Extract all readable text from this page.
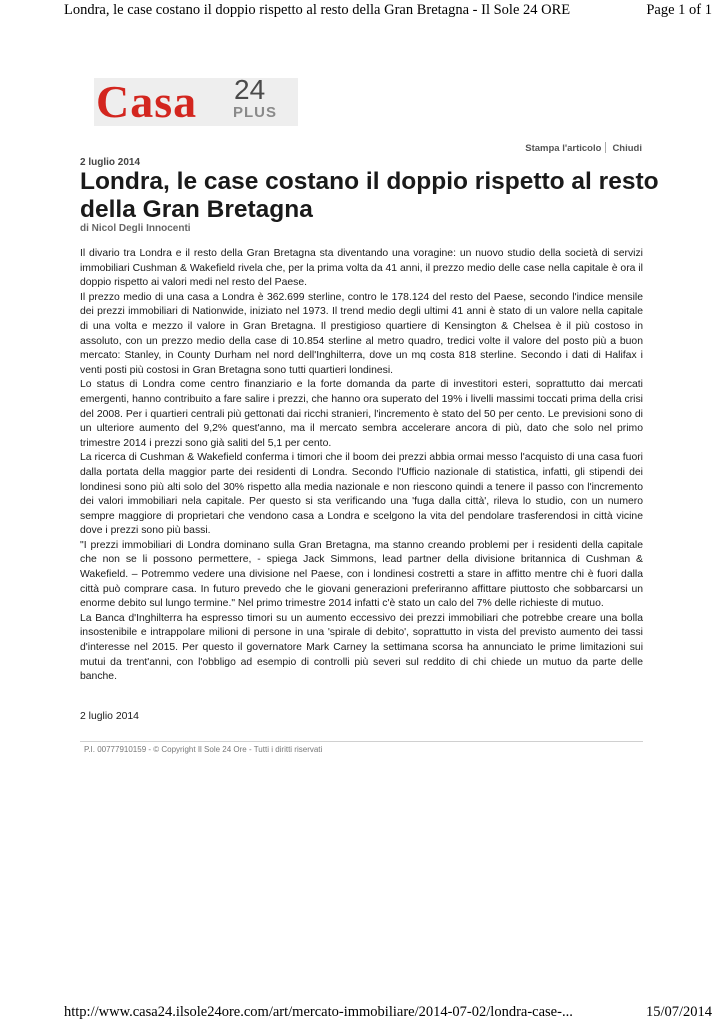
Londra, le case costano il doppio rispetto al resto della Gran Bretagna - Il Sole 24 ORE	Page 1 of 1
Casa 24
PLUS
Stampa l'articolo Chiudi
2 luglio 2014
Londra, le case costano il doppio rispetto al resto della Gran Bretagna
di Nicol Degli Innocenti

Il divario tra Londra e il resto della Gran Bretagna sta diventando una voragine: un nuovo studio della società di servizi immobiliari Cushman & Wakefield rivela che, per la prima volta da 41 anni, il prezzo medio delle case nella capitale è ora il doppio rispetto ai valori medi nel resto del Paese.

Il prezzo medio di una casa a Londra è 362.699 sterline, contro le 178.124 del resto del Paese, secondo l'indice mensile dei prezzi immobiliari di Nationwide, iniziato nel 1973. Il trend medio degli ultimi 41 anni è stato di un valore nella capitale di una volta e mezzo il valore in Gran Bretagna. Il prestigioso quartiere di Kensington & Chelsea è il più costoso in assoluto, con un prezzo medio della case di 10.854 sterline al metro quadro, tredici volte il valore del posto più a buon mercato: Stanley, in County Durham nel nord dell'Inghilterra, dove un mq costa 818 sterline. Secondo i dati di Halifax i venti posti più costosi in Gran Bretagna sono tutti quartieri londinesi.

Lo status di Londra come centro finanziario e la forte domanda da parte di investitori esteri, soprattutto dai mercati emergenti, hanno contribuito a fare salire i prezzi, che hanno ora superato del 19% i livelli massimi toccati prima della crisi del 2008. Per i quartieri centrali più gettonati dai ricchi stranieri, l'incremento è stato del 50 per cento. Le previsioni sono di un ulteriore aumento del 9,2% quest'anno, ma il mercato sembra accelerare ancora di più, dato che solo nel primo trimestre 2014 i prezzi sono già saliti del 5,1 per cento.

La ricerca di Cushman & Wakefield conferma i timori che il boom dei prezzi abbia ormai messo l'acquisto di una casa fuori dalla portata della maggior parte dei residenti di Londra. Secondo l'Ufficio nazionale di statistica, infatti, gli stipendi dei londinesi sono più alti solo del 30% rispetto alla media nazionale e non riescono quindi a tenere il passo con l'incremento dei valori immobiliari nela capitale. Per questo si sta verificando una 'fuga dalla città', rileva lo studio, con un numero sempre maggiore di proprietari che vendono casa a Londra e scelgono la vita del pendolare trasferendosi in città vicine dove i prezzi sono più bassi.

"I prezzi immobiliari di Londra dominano sulla Gran Bretagna, ma stanno creando problemi per i residenti della capitale che non se li possono permettere, - spiega Jack Simmons, lead partner della divisione britannica di Cushman & Wakefield. – Potremmo vedere una divisione nel Paese, con i londinesi costretti a stare in affitto mentre chi è fuori dalla città può comprare casa. In futuro prevedo che le giovani generazioni preferiranno affittare piuttosto che sobbarcarsi un enorme debito sul lungo termine." Nel primo trimestre 2014 infatti c'è stato un calo del 7% delle richieste di mutuo.

La Banca d'Inghilterra ha espresso timori su un aumento eccessivo dei prezzi immobiliari che potrebbe creare una bolla insostenibile e intrappolare milioni di persone in una 'spirale di debito', soprattutto in vista del previsto aumento dei tassi d'interesse nel 2015. Per questo il governatore Mark Carney la settimana scorsa ha annunciato le prime limitazioni sui mutui da trent'anni, con l'obbligo ad esempio di controlli più severi sul reddito di chi chiede un mutuo da parte delle banche.

2 luglio 2014
P.I. 00777910159 - © Copyright Il Sole 24 Ore - Tutti i diritti riservati
http://www.casa24.ilsole24ore.com/art/mercato-immobiliare/2014-07-02/londra-case-...	15/07/2014
